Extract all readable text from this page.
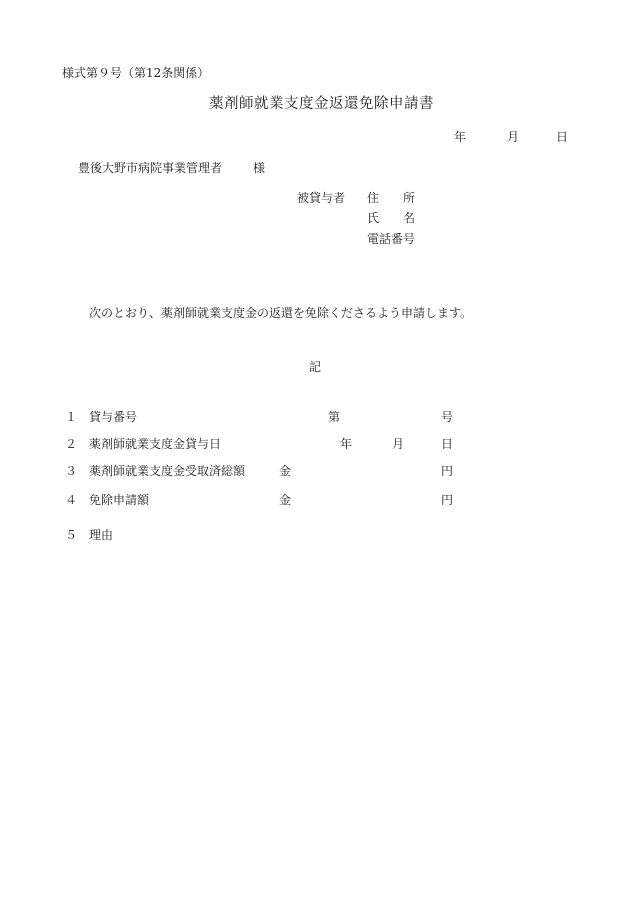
様式第９号（第12条関係）
薬剤師就業支度金返還免除申請書
年	月	日
豊後大野市病院事業管理者	様
被貸与者 住　　所
氏　　名
電話番号
次のとおり、薬剤師就業支度金の返還を免除くださるよう申請します。
記
１ 貸与番号	第	号
２ 薬剤師就業支度金貸与日	年	月	日
３ 薬剤師就業支度金受取済総額	金	円
４ 免除申請額	金	円
５ 理由
